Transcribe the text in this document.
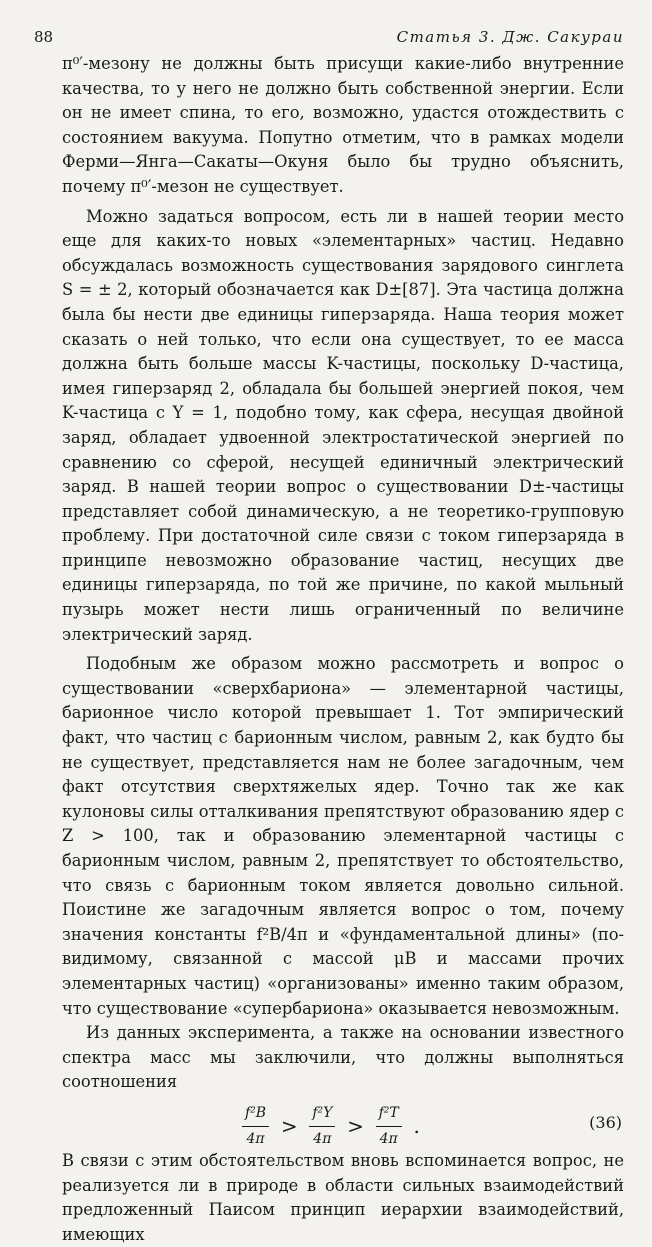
88	Статья 3. Дж. Сакураи

π⁰′-мезону не должны быть присущи какие-либо внутренние качества, то у него не должно быть собственной энергии. Если он не имеет спина, то его, возможно, удастся отождествить с состоянием вакуума. Попутно отметим, что в рамках модели Ферми—Янга—Сакаты—Окуня было бы трудно объяснить, почему π⁰′-мезон не существует.

Можно задаться вопросом, есть ли в нашей теории место еще для каких-то новых «элементарных» частиц. Недавно обсуждалась возможность существования зарядового синглета S = ± 2, который обозначается как D±[87]. Эта частица должна была бы нести две единицы гиперзаряда. Наша теория может сказать о ней только, что если она существует, то ее масса должна быть больше массы K-частицы, поскольку D-частица, имея гиперзаряд 2, обладала бы большей энергией покоя, чем K-частица с Y = 1, подобно тому, как сфера, несущая двойной заряд, обладает удвоенной электростатической энергией по сравнению со сферой, несущей единичный электрический заряд. В нашей теории вопрос о существовании D±-частицы представляет собой динамическую, а не теоретико-групповую проблему. При достаточной силе связи с током гиперзаряда в принципе невозможно образование частиц, несущих две единицы гиперзаряда, по той же причине, по какой мыльный пузырь может нести лишь ограниченный по величине электрический заряд.

Подобным же образом можно рассмотреть и вопрос о существовании «сверхбариона» — элементарной частицы, барионное число которой превышает 1. Тот эмпирический факт, что частиц с барионным числом, равным 2, как будто бы не существует, представляется нам не более загадочным, чем факт отсутствия сверхтяжелых ядер. Точно так же как кулоновы силы отталкивания препятствуют образованию ядер с Z > 100, так и образованию элементарной частицы с барионным числом, равным 2, препятствует то обстоятельство, что связь с барионным током является довольно сильной. Поистине же загадочным является вопрос о том, почему значения константы f²B/4π и «фундаментальной длины» (по-видимому, связанной с массой μB и массами прочих элементарных частиц) «организованы» именно таким образом, что существование «супербариона» оказывается невозможным.

Из данных эксперимента, а также на основании известного спектра масс мы заключили, что должны выполняться соотношения

$\frac{\text{f²B}}{4\pi} > \frac{\text{f²Y}}{4\pi} > \frac{\text{f²T}}{4\pi}$ .	(36)

В связи с этим обстоятельством вновь вспоминается вопрос, не реализуется ли в природе в области сильных взаимодействий предложенный Паисом принцип иерархии взаимодействий, имеющих
